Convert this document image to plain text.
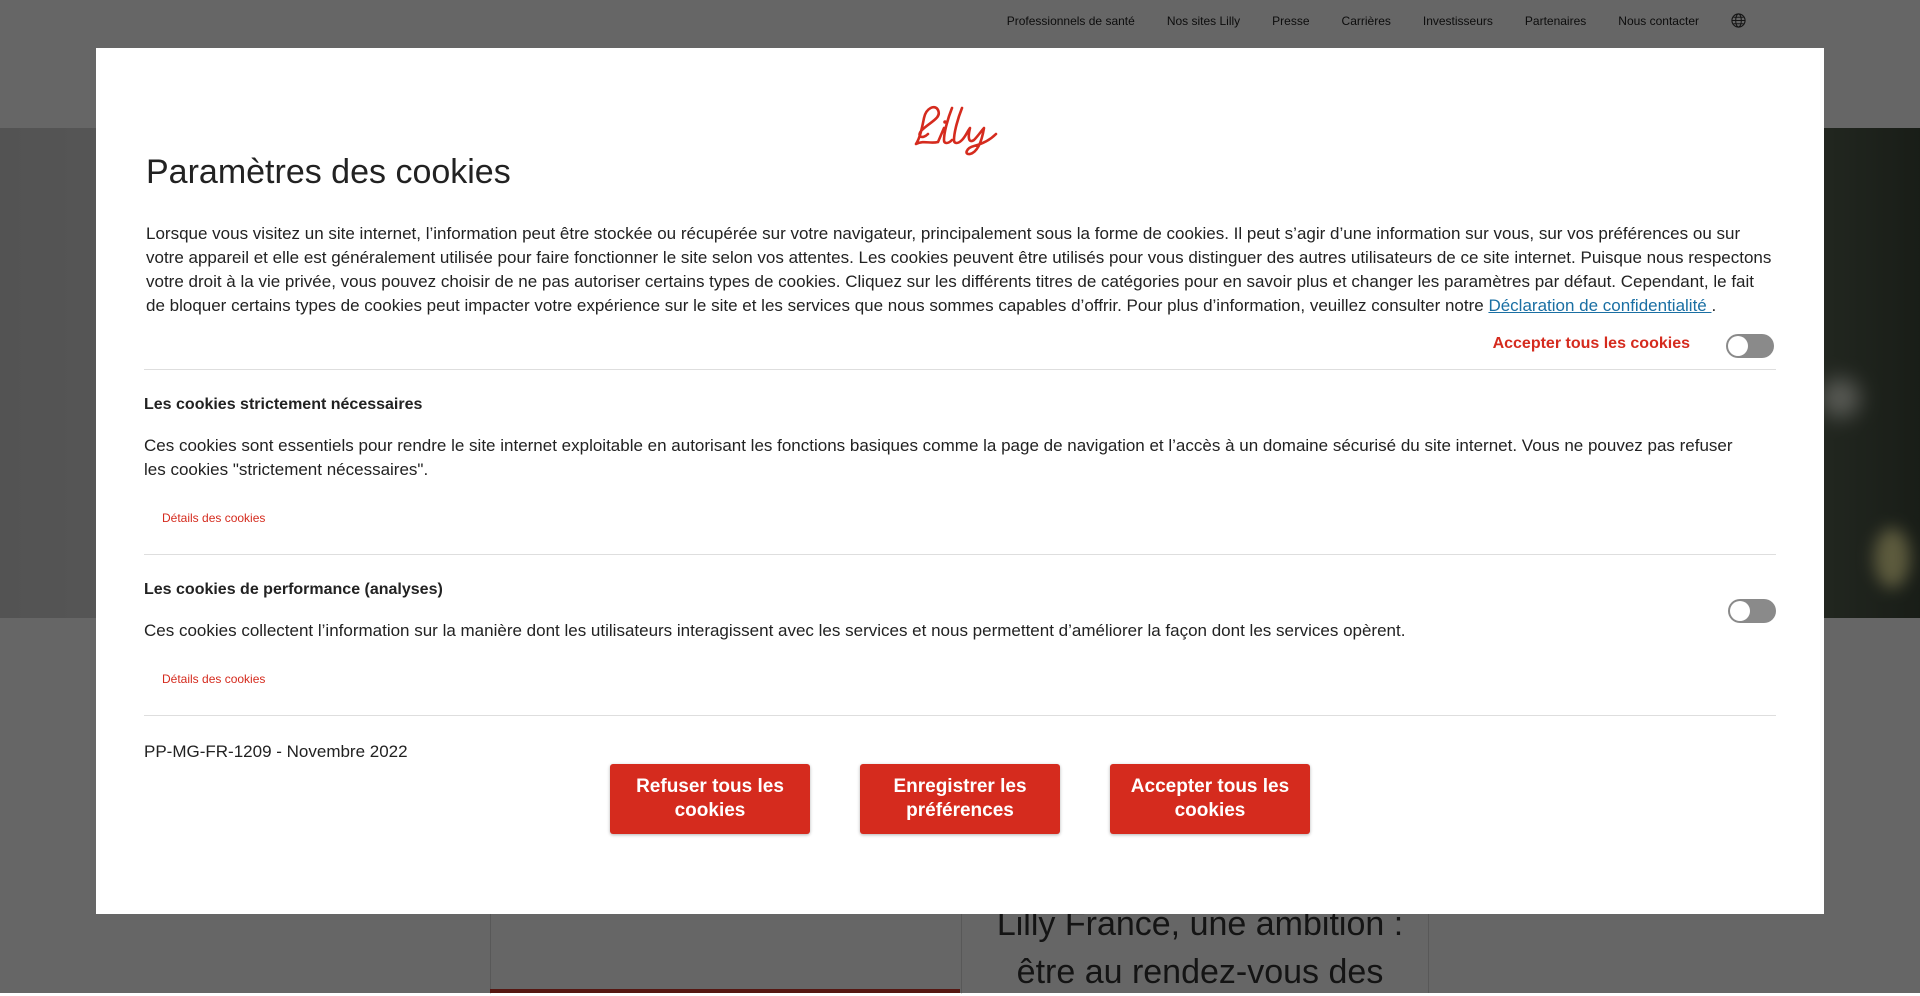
Paramètres des cookies
Lorsque vous visitez un site internet, l’information peut être stockée ou récupérée sur votre navigateur, principalement sous la forme de cookies. Il peut s’agir d’une information sur vous, sur vos préférences ou sur votre appareil et elle est généralement utilisée pour faire fonctionner le site selon vos attentes. Les cookies peuvent être utilisés pour vous distinguer des autres utilisateurs de ce site internet. Puisque nous respectons votre droit à la vie privée, vous pouvez choisir de ne pas autoriser certains types de cookies. Cliquez sur les différents titres de catégories pour en savoir plus et changer les paramètres par défaut. Cependant, le fait de bloquer certains types de cookies peut impacter votre expérience sur le site et les services que nous sommes capables d’offrir. Pour plus d’information, veuillez consulter notre Déclaration de confidentialité .
Accepter tous les cookies
Les cookies strictement nécessaires
Ces cookies sont essentiels pour rendre le site internet exploitable en autorisant les fonctions basiques comme la page de navigation et l’accès à un domaine sécurisé du site internet. Vous ne pouvez pas refuser les cookies "strictement nécessaires".
Détails des cookies
Les cookies de performance (analyses)
Ces cookies collectent l’information sur la manière dont les utilisateurs interagissent avec les services et nous permettent d’améliorer la façon dont les services opèrent.
Détails des cookies
PP-MG-FR-1209 - Novembre 2022
Refuser tous les cookies
Enregistrer les préférences
Accepter tous les cookies
